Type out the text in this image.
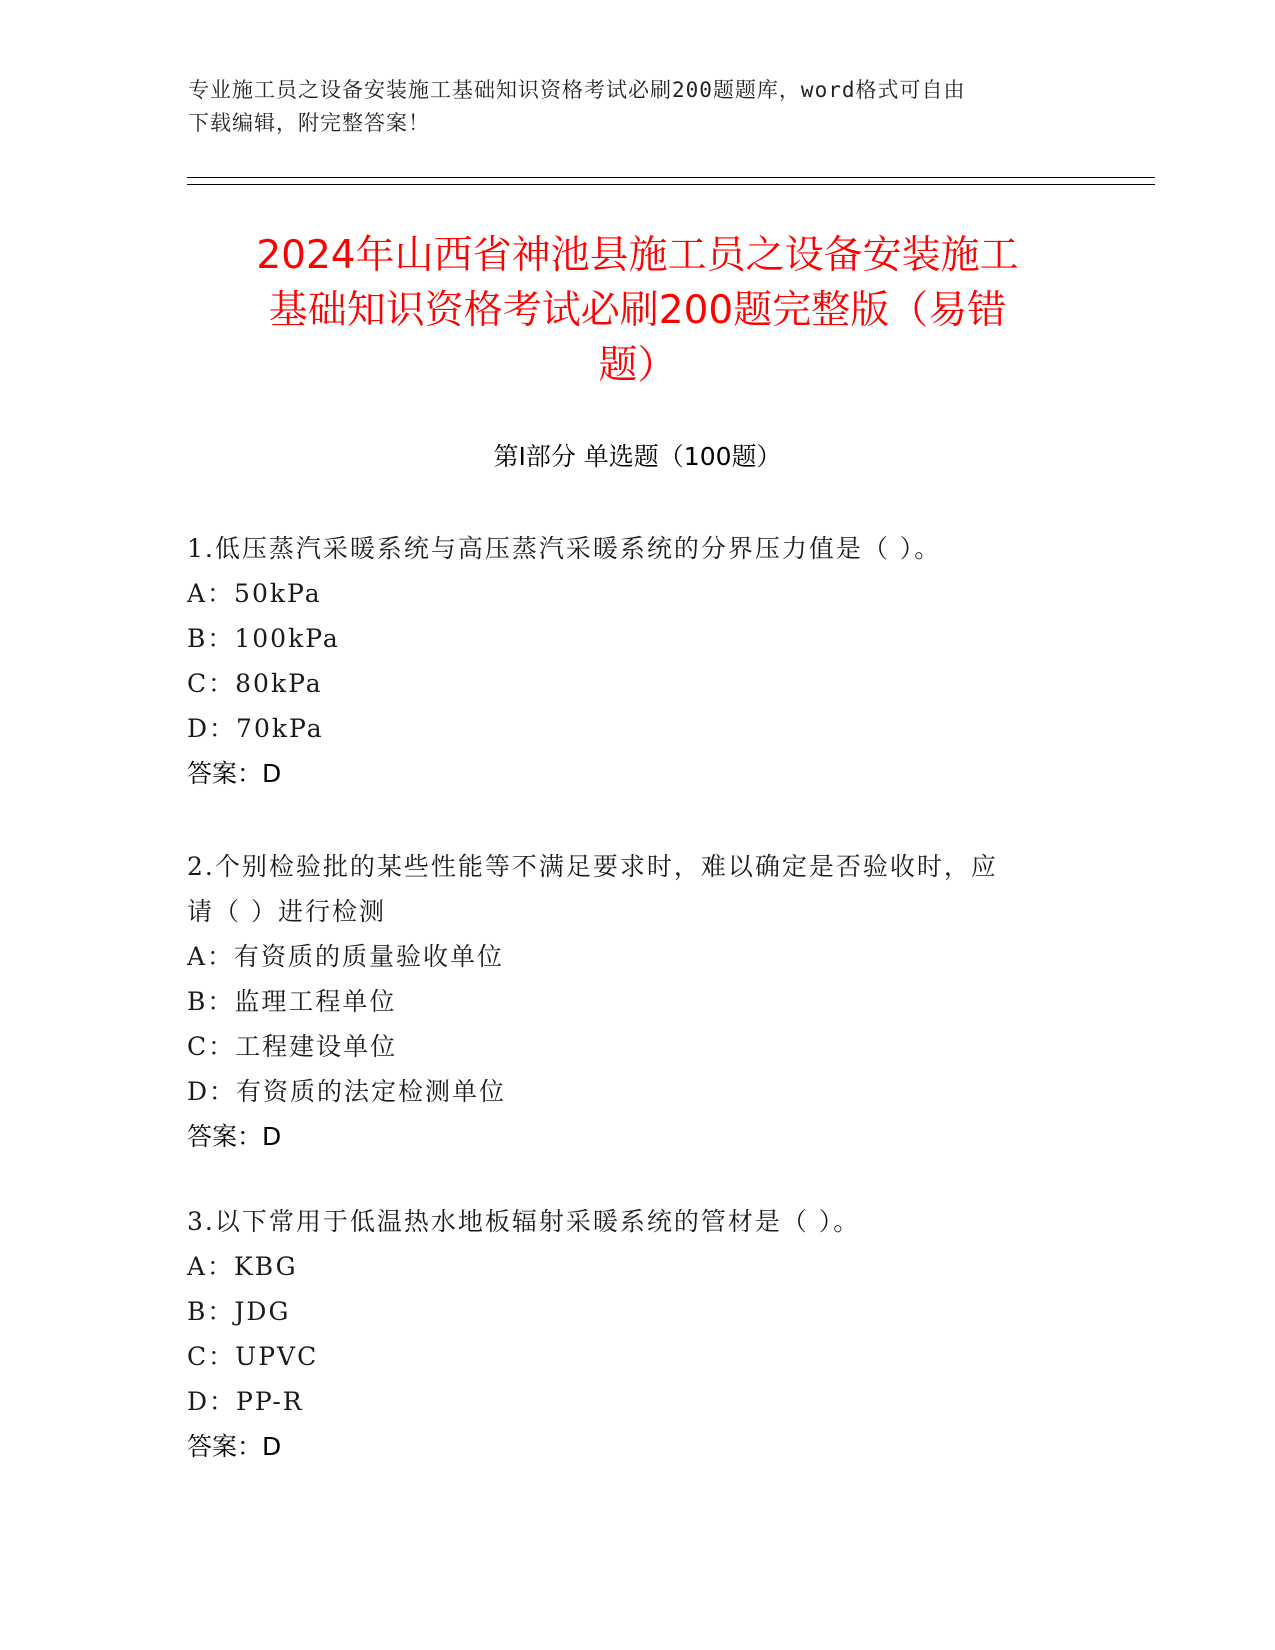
专业施工员之设备安装施工基础知识资格考试必刷200题题库，word格式可自由
下载编辑，附完整答案！
2024年山西省神池县施工员之设备安装施工
基础知识资格考试必刷200题完整版（易错
题）
第Ⅰ部分 单选题（100题）

1.低压蒸汽采暖系统与高压蒸汽采暖系统的分界压力值是（ ）。

A：50kPa

B：100kPa

C：80kPa

D：70kPa

答案：D

2.个别检验批的某些性能等不满足要求时，难以确定是否验收时，应

请（ ）进行检测

A：有资质的质量验收单位

B：监理工程单位

C：工程建设单位

D：有资质的法定检测单位

答案：D

3.以下常用于低温热水地板辐射采暖系统的管材是（ ）。

A：KBG

B：JDG

C：UPVC

D：PP-R

答案：D
